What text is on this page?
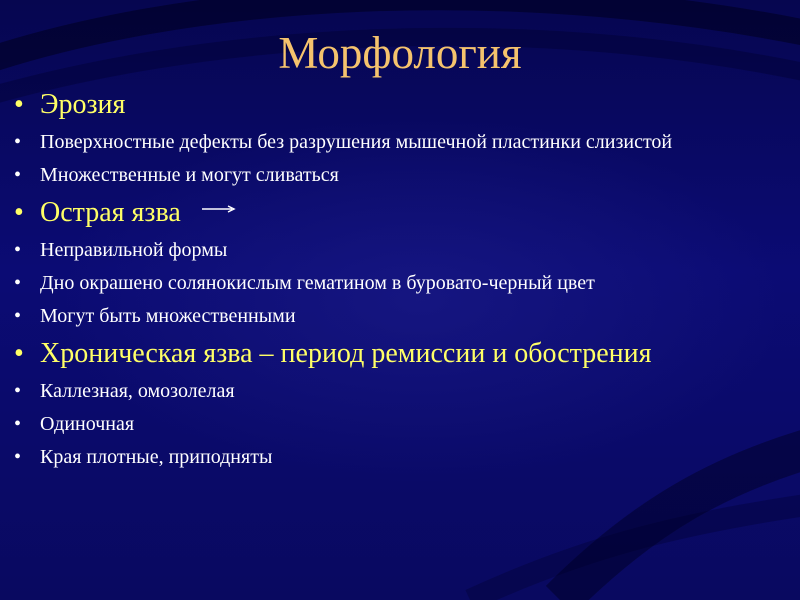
Морфология
• Эрозия
• Поверхностные дефекты без разрушения мышечной пластинки слизистой
• Множественные и могут сливаться
• Острая язва
• Неправильной формы
• Дно окрашено солянокислым гематином в буровато-черный цвет
• Могут быть множественными
• Хроническая язва – период ремиссии и обострения
• Каллезная, омозолелая
• Одиночная
• Края плотные, приподняты
